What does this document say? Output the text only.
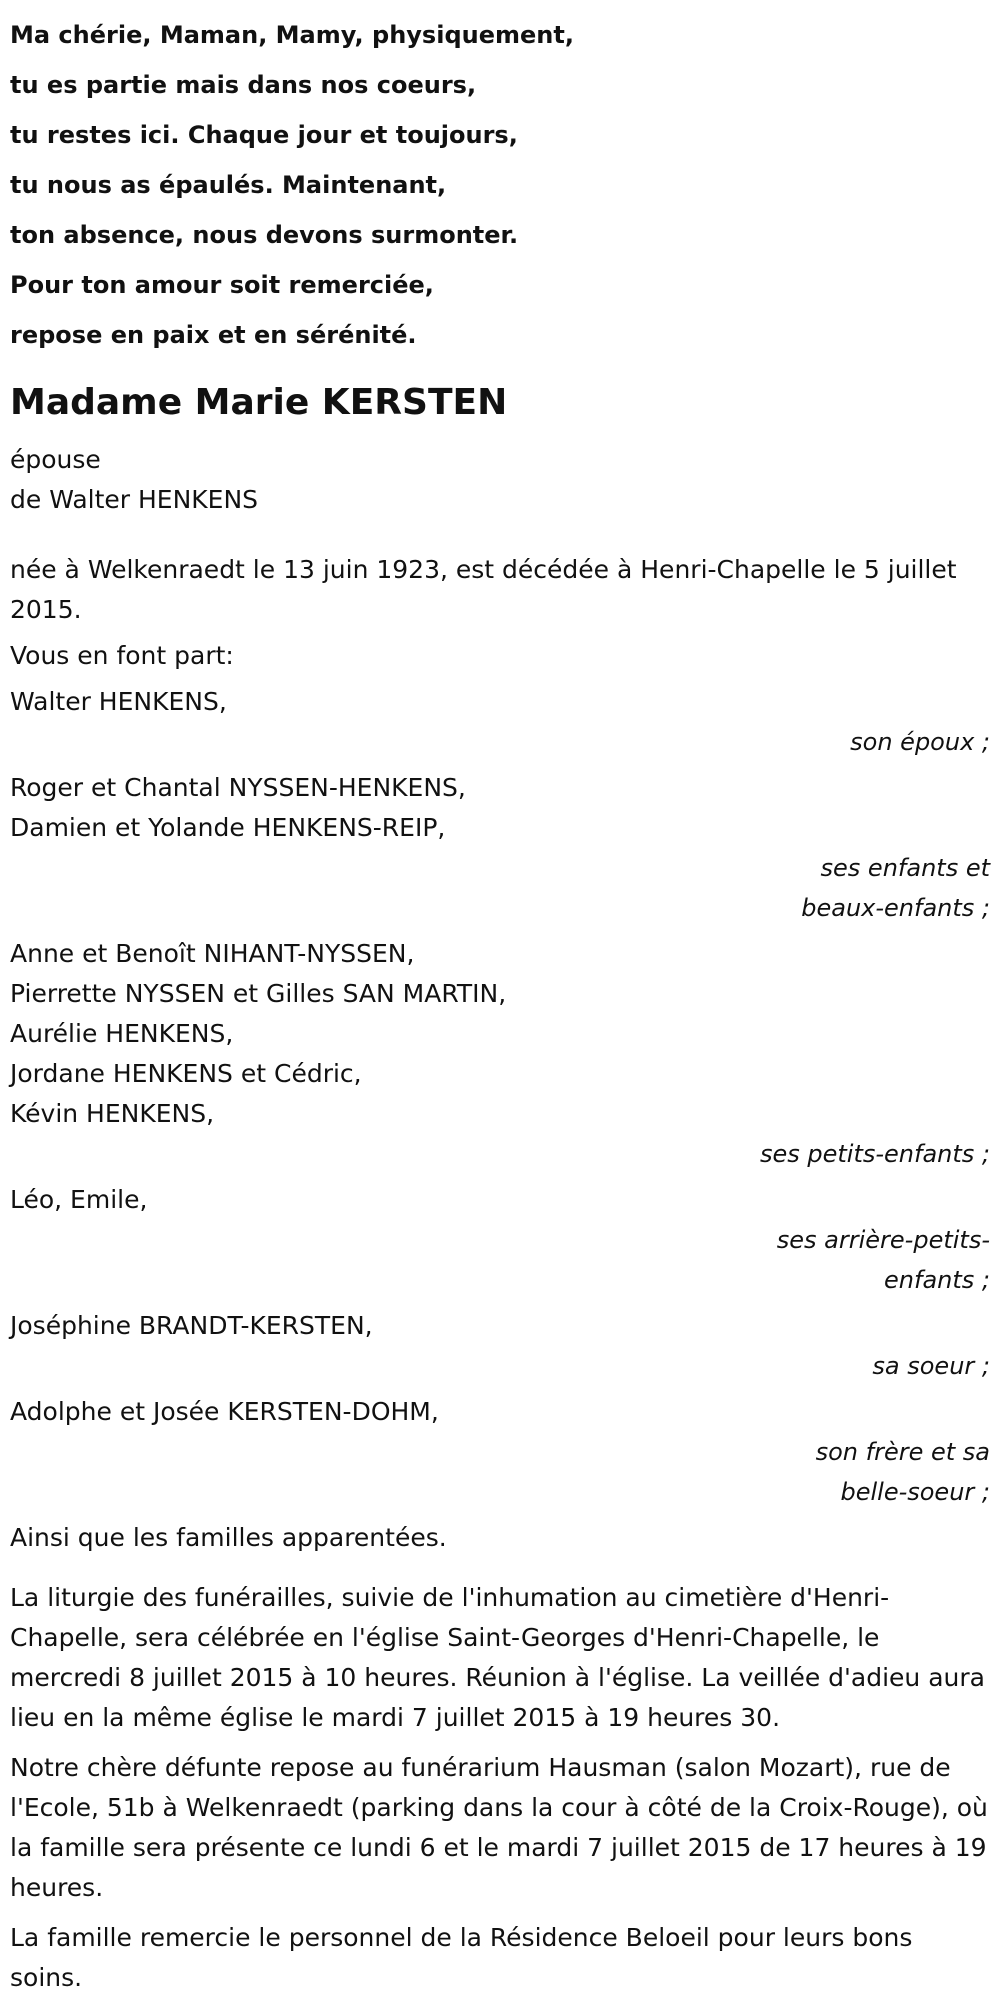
Ma chérie, Maman, Mamy, physiquement,
tu es partie mais dans nos coeurs,
tu restes ici. Chaque jour et toujours,
tu nous as épaulés. Maintenant,
ton absence, nous devons surmonter.
Pour ton amour soit remerciée,
repose en paix et en sérénité.
Madame Marie KERSTEN
épouse
de Walter HENKENS
née à Welkenraedt le 13 juin 1923, est décédée à Henri-Chapelle le 5 juillet 2015.
Vous en font part:
Walter HENKENS,
son époux ;
Roger et Chantal NYSSEN-HENKENS,
Damien et Yolande HENKENS-REIP,
ses enfants et
beaux-enfants ;
Anne et Benoît NIHANT-NYSSEN,
Pierrette NYSSEN et Gilles SAN MARTIN,
Aurélie HENKENS,
Jordane HENKENS et Cédric,
Kévin HENKENS,
ses petits-enfants ;
Léo, Emile,
ses arrière-petits-
enfants ;
Joséphine BRANDT-KERSTEN,
sa soeur ;
Adolphe et Josée KERSTEN-DOHM,
son frère et sa
belle-soeur ;
Ainsi que les familles apparentées.
La liturgie des funérailles, suivie de l'inhumation au cimetière d'Henri-Chapelle, sera célébrée en l'église Saint-Georges d'Henri-Chapelle, le mercredi 8 juillet 2015 à 10 heures. Réunion à l'église. La veillée d'adieu aura lieu en la même église le mardi 7 juillet 2015 à 19 heures 30.
Notre chère défunte repose au funérarium Hausman (salon Mozart), rue de l'Ecole, 51b à Welkenraedt (parking dans la cour à côté de la Croix-Rouge), où la famille sera présente ce lundi 6 et le mardi 7 juillet 2015 de 17 heures à 19 heures.
La famille remercie le personnel de la Résidence Beloeil pour leurs bons soins.
